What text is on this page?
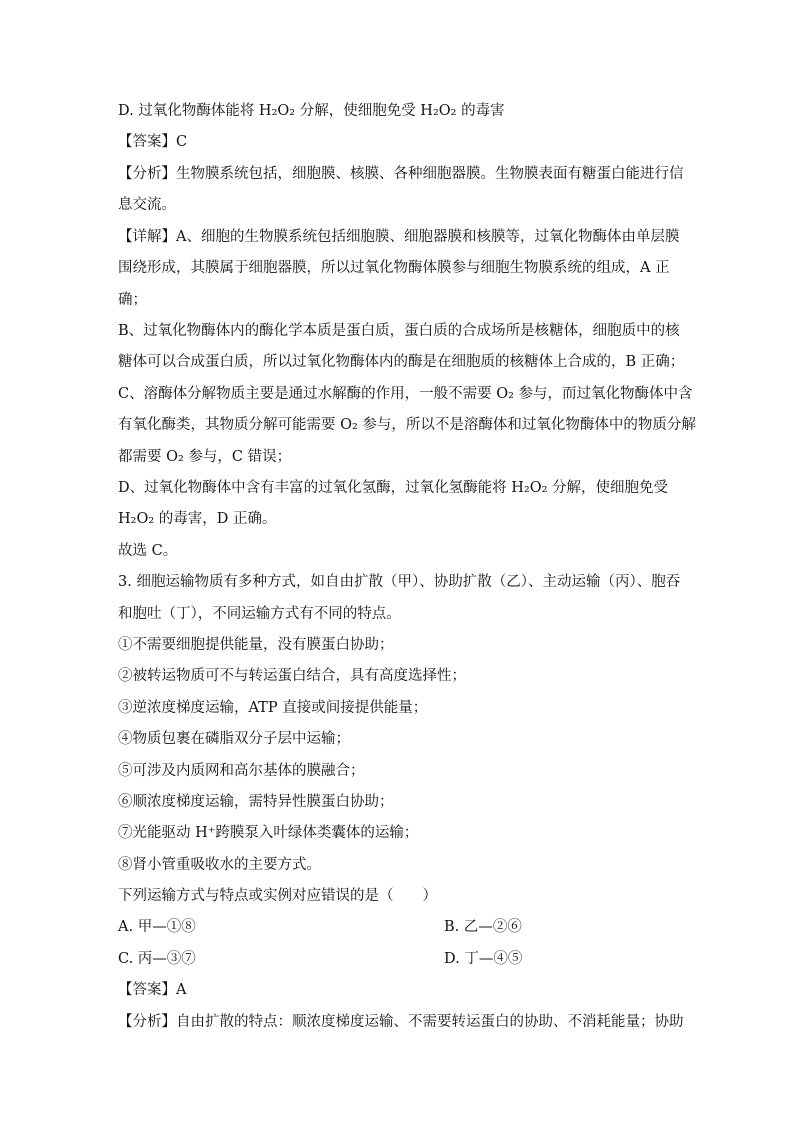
D. 过氧化物酶体能将 H₂O₂ 分解，使细胞免受 H₂O₂ 的毒害
【答案】C
【分析】生物膜系统包括，细胞膜、核膜、各种细胞器膜。生物膜表面有糖蛋白能进行信
息交流。
【详解】A、细胞的生物膜系统包括细胞膜、细胞器膜和核膜等，过氧化物酶体由单层膜
围绕形成，其膜属于细胞器膜，所以过氧化物酶体膜参与细胞生物膜系统的组成，A 正
确；
B、过氧化物酶体内的酶化学本质是蛋白质，蛋白质的合成场所是核糖体，细胞质中的核
糖体可以合成蛋白质，所以过氧化物酶体内的酶是在细胞质的核糖体上合成的，B 正确；
C、溶酶体分解物质主要是通过水解酶的作用，一般不需要 O₂ 参与，而过氧化物酶体中含
有氧化酶类，其物质分解可能需要 O₂ 参与，所以不是溶酶体和过氧化物酶体中的物质分解
都需要 O₂ 参与，C 错误；
D、过氧化物酶体中含有丰富的过氧化氢酶，过氧化氢酶能将 H₂O₂ 分解，使细胞免受
H₂O₂ 的毒害，D 正确。
故选 C。
3. 细胞运输物质有多种方式，如自由扩散（甲）、协助扩散（乙）、主动运输（丙）、胞吞
和胞吐（丁），不同运输方式有不同的特点。
①不需要细胞提供能量，没有膜蛋白协助；
②被转运物质可不与转运蛋白结合，具有高度选择性；
③逆浓度梯度运输，ATP 直接或间接提供能量；
④物质包裹在磷脂双分子层中运输；
⑤可涉及内质网和高尔基体的膜融合；
⑥顺浓度梯度运输，需特异性膜蛋白协助；
⑦光能驱动 H⁺跨膜泵入叶绿体类囊体的运输；
⑧肾小管重吸收水的主要方式。
下列运输方式与特点或实例对应错误的是（　　）
A. 甲—①⑧	B. 乙—②⑥
C. 丙—③⑦	D. 丁—④⑤
【答案】A
【分析】自由扩散的特点：顺浓度梯度运输、不需要转运蛋白的协助、不消耗能量；协助
